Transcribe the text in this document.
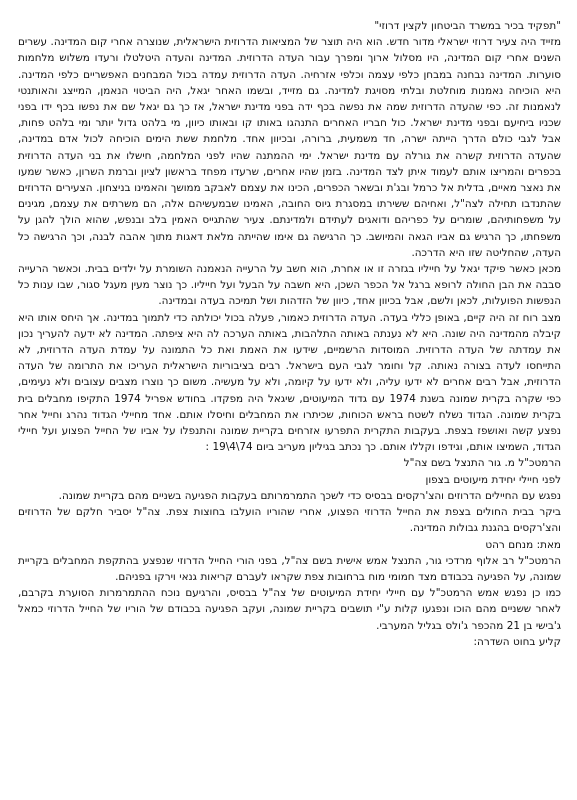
"תפקיד בכיר במשרד הביטחון לקצין דרוזי"

מזייד היה צעיר דרוזי ישראלי מדור חדש. הוא היה תוצר של המציאות הדרוזית הישראלית, שנוצרה אחרי קום המדינה. עשרים השנים אחרי קום המדינה, היו מסלול ארוך ומפרך עבור העדה הדרוזית. המדינה והעדה היטלטלו ורעדו משלוש מלחמות סוערות. המדינה נבחנה במבחן כלפי עצמה וכלפי אזרחיה. העדה הדרוזית עמדה בכול המבחנים האפשריים כלפי המדינה. היא הוכיחה נאמנות מוחלטת ובלתי מסויגת למדינה. גם מזייד, ובשמו האחר יגאל, היה הביטוי הנאמן, המייצג והאותנטי לנאמנות זה. כפי שהעדה הדרוזית שמה את נפשה בכף ידה בפני מדינת ישראל, אז כך גם יגאל שם את נפשו בכף ידו בפני שכניו ביחיעם ובפני מדינת ישראל. כול חבריו האחרים התנהגו באותו קו ובאותו כיוון, מי בלהט גדול יותר ומי בלהט פחות, אבל לגבי כולם הדרך הייתה ישרה, חד משמעית, ברורה, ובכיוון אחד. מלחמת ששת הימים הוכיחה לכול אדם במדינה, שהעדה הדרוזית קשרה את גורלה עם מדינת ישראל. ימי ההמתנה שהיו לפני המלחמה, חישלו את בני העדה הדרוזית בכפרים והמריצו אותם לעמוד איתן לצד המדינה. בזמן שהיו אחרים, שרעדו מפחד בראשון לציון וברמת השרון, כאשר שמעו את נאצר מאיים, בדלית אל כרמל ובג'ת ובשאר הכפרים, הכינו את עצמם לאבקב ממושך והאמינו בניצחון. הצעירים הדרוזים שהתנדבו תחילה לצה"ל, ואחיהם ששירתו במסגרת גיוס החובה, האמינו שבמעשיהם אלה, הם משרתים את עצמם, מגינים על משפחותיהם, שומרים על כפריהם ודואגים לעתידם ולמדינתם. צעיר שהתגייס האמין בלב ובנפש, שהוא הולך להגן על משפחתו, כך הרגיש גם אביו הגאה והמיושב. כך הרגישה גם אימו שהייתה מלאת דאגות מתוך אהבה לבנה, וכך הרגישה כל העדה, שהחליטה שזו היא הדרכה.

מכאן כאשר פיקד יגאל על חייליו בגזרה זו או אחרת, הוא חשב על הרעייה הנאמנה השומרת על ילדים בבית. וכאשר הרעייה סבבה את הבן החולה לרופא ברגל אל הכפר השכן, היא חשבה על הבעל ועל חייליו. כך נוצר מעין מעגל סגור, שבו ענות כל הנפשות הפועלות, לכאן ולשם, אבל בכיוון אחד, כיוון של הזדהות ושל תמיכה בעדה ובמדינה.

מצב רוח זה היה קיים, באופן כללי בעדה. העדה הדרוזית כאמור, פעלה בכול יכולתה כדי לתמוך במדינה. אך היחס אותו היא קיבלה מהמדינה היה שונה. היא לא נענתה באותה התלהבות, באותה הערכה לה היא ציפתה. המדינה לא ידעה להעריך נכון את עמדתה של העדה הדרוזית. המוסדות הרשמיים, שידעו את האמת ואת כל התמונה על עמדת העדה הדרוזית, לא התייחסו לעדה בצורה נאותה. קל וחומר לגבי העם בישראל. רבים בציבוריות הישראלית העריכו את התרומה של העדה הדרוזית, אבל רבים אחרים לא ידעו עליה, ולא ידעו על קיומה, ולא על מעשיה. משום כך נוצרו מצבים עצובים ולא נעימים, כפי שקרה בקרית שמונה בשנת 1974 עם גדוד המיעוטים, שיגאל היה מפקדו. בחודש אפריל 1974 התקיפו מחבלים בית בקרית שמונה. הגדוד נשלח לשטח בראש הכוחות, שכיתרו את המחבלים וחיסלו אותם. אחד מחיילי הגדוד נהרג וחייל אחר נפצע קשה ואושפז בצפת. בעקבות התקרית התפרעו אזרחים בקריית שמונה והתנפלו על אביו של החייל הפצוע ועל חיילי הגדוד, השמיצו אותם, וגידפו וקללו אותם. כך נכתב בגיליון מעריב ביום 74\4\19 :

הרמטכ"ל מ. גור התנצל בשם צה"ל

לפני חיילי יחידת מיעוטים בצפון

נפגש עם החיילים הדרוזים והצ'רקסים בבסיס כדי לשכך התמרמרותם בעקבות הפגיעה בשניים מהם בקריית שמונה.

ביקר בבית החולים בצפת את החייל הדרוזי הפצוע, אחרי שהוריו הועלבו בחוצות צפת. צה"ל יסביר חלקם של הדרוזים והצ'רקסים בהגנת גבולות המדינה.

מאת: מנחם רהט

הרמטכ"ל רב אלוף מרדכי גור, התנצל אמש אישית בשם צה"ל, בפני הורי החייל הדרוזי שנפצע בהתקפת המחבלים בקריית שמונה, על הפגיעה בכבודם מצד חמומי מוח ברחובות צפת שקראו לעברם קריאות גנאי וירקו בפניהם.

כמו כן נפגש אמש הרמטכ"ל עם חיילי יחידת המיעוטים של צה"ל בבסיס, והרגיעם נוכח ההתמרמרות הסוערת בקרבם, לאחר ששניים מהם הוכו ונפגעו קלות ע"י תושבים בקריית שמונה, ועקב הפגיעה בכבודם של הוריו של החייל הדרוזי כמאל ג'בישי בן 21 מהכפר ג'ולס בגליל המערבי.

קליע בחוט השדרה:
